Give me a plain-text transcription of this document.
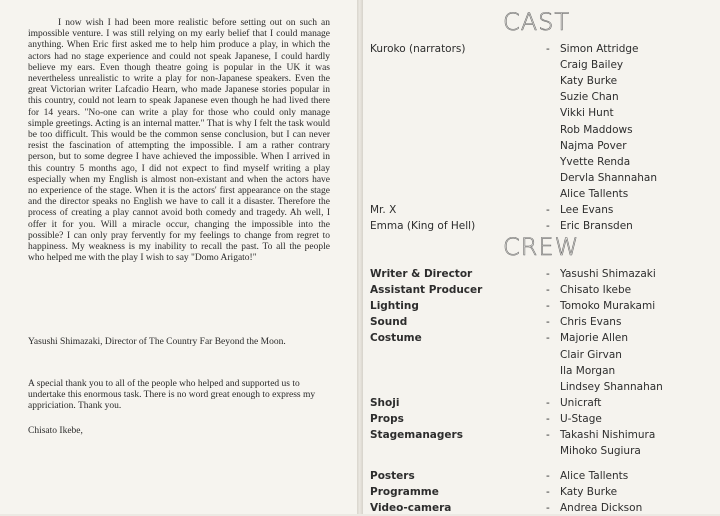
I now wish I had been more realistic before setting out on such an impossible venture. I was still relying on my early belief that I could manage anything. When Eric first asked me to help him produce a play, in which the actors had no stage experience and could not speak Japanese, I could hardly believe my ears. Even though theatre going is popular in the UK it was nevertheless unrealistic to write a play for non-Japanese speakers. Even the great Victorian writer Lafcadio Hearn, who made Japanese stories popular in this country, could not learn to speak Japanese even though he had lived there for 14 years. "No-one can write a play for those who could only manage simple greetings. Acting is an internal matter." That is why I felt the task would be too difficult. This would be the common sense conclusion, but I can never resist the fascination of attempting the impossible. I am a rather contrary person, but to some degree I have achieved the impossible. When I arrived in this country 5 months ago, I did not expect to find myself writing a play especially when my English is almost non-existant and when the actors have no experience of the stage. When it is the actors' first appearance on the stage and the director speaks no English we have to call it a disaster. Therefore the process of creating a play cannot avoid both comedy and tragedy. Ah well, I offer it for you. Will a miracle occur, changing the impossible into the possible? I can only pray fervently for my feelings to change from regret to happiness. My weakness is my inability to recall the past. To all the people who helped me with the play I wish to say "Domo Arigato!"

Yasushi Shimazaki, Director of The Country Far Beyond the Moon.
A special thank you to all of the people who helped and supported us to undertake this enormous task. There is no word great enough to express my appriciation. Thank you.
Chisato Ikebe,
CAST
CREW
Kuroko (narrators)	- Simon Attridge
Craig Bailey
Katy Burke
Suzie Chan
Vikki Hunt
Rob Maddows
Najma Pover
Yvette Renda
Dervla Shannahan
Alice Tallents
Mr. X	- Lee Evans
Emma (King of Hell)	- Eric Bransden
Writer & Director	- Yasushi Shimazaki
Assistant Producer	- Chisato Ikebe
Lighting	- Tomoko Murakami
Sound	- Chris Evans
Costume	- Majorie Allen
Clair Girvan
Ila Morgan
Lindsey Shannahan
Shoji	- Unicraft
Props	- U-Stage
Stagemanagers	- Takashi Nishimura
Mihoko Sugiura
Posters	- Alice Tallents
Programme	- Katy Burke
Video-camera	- Andrea Dickson
